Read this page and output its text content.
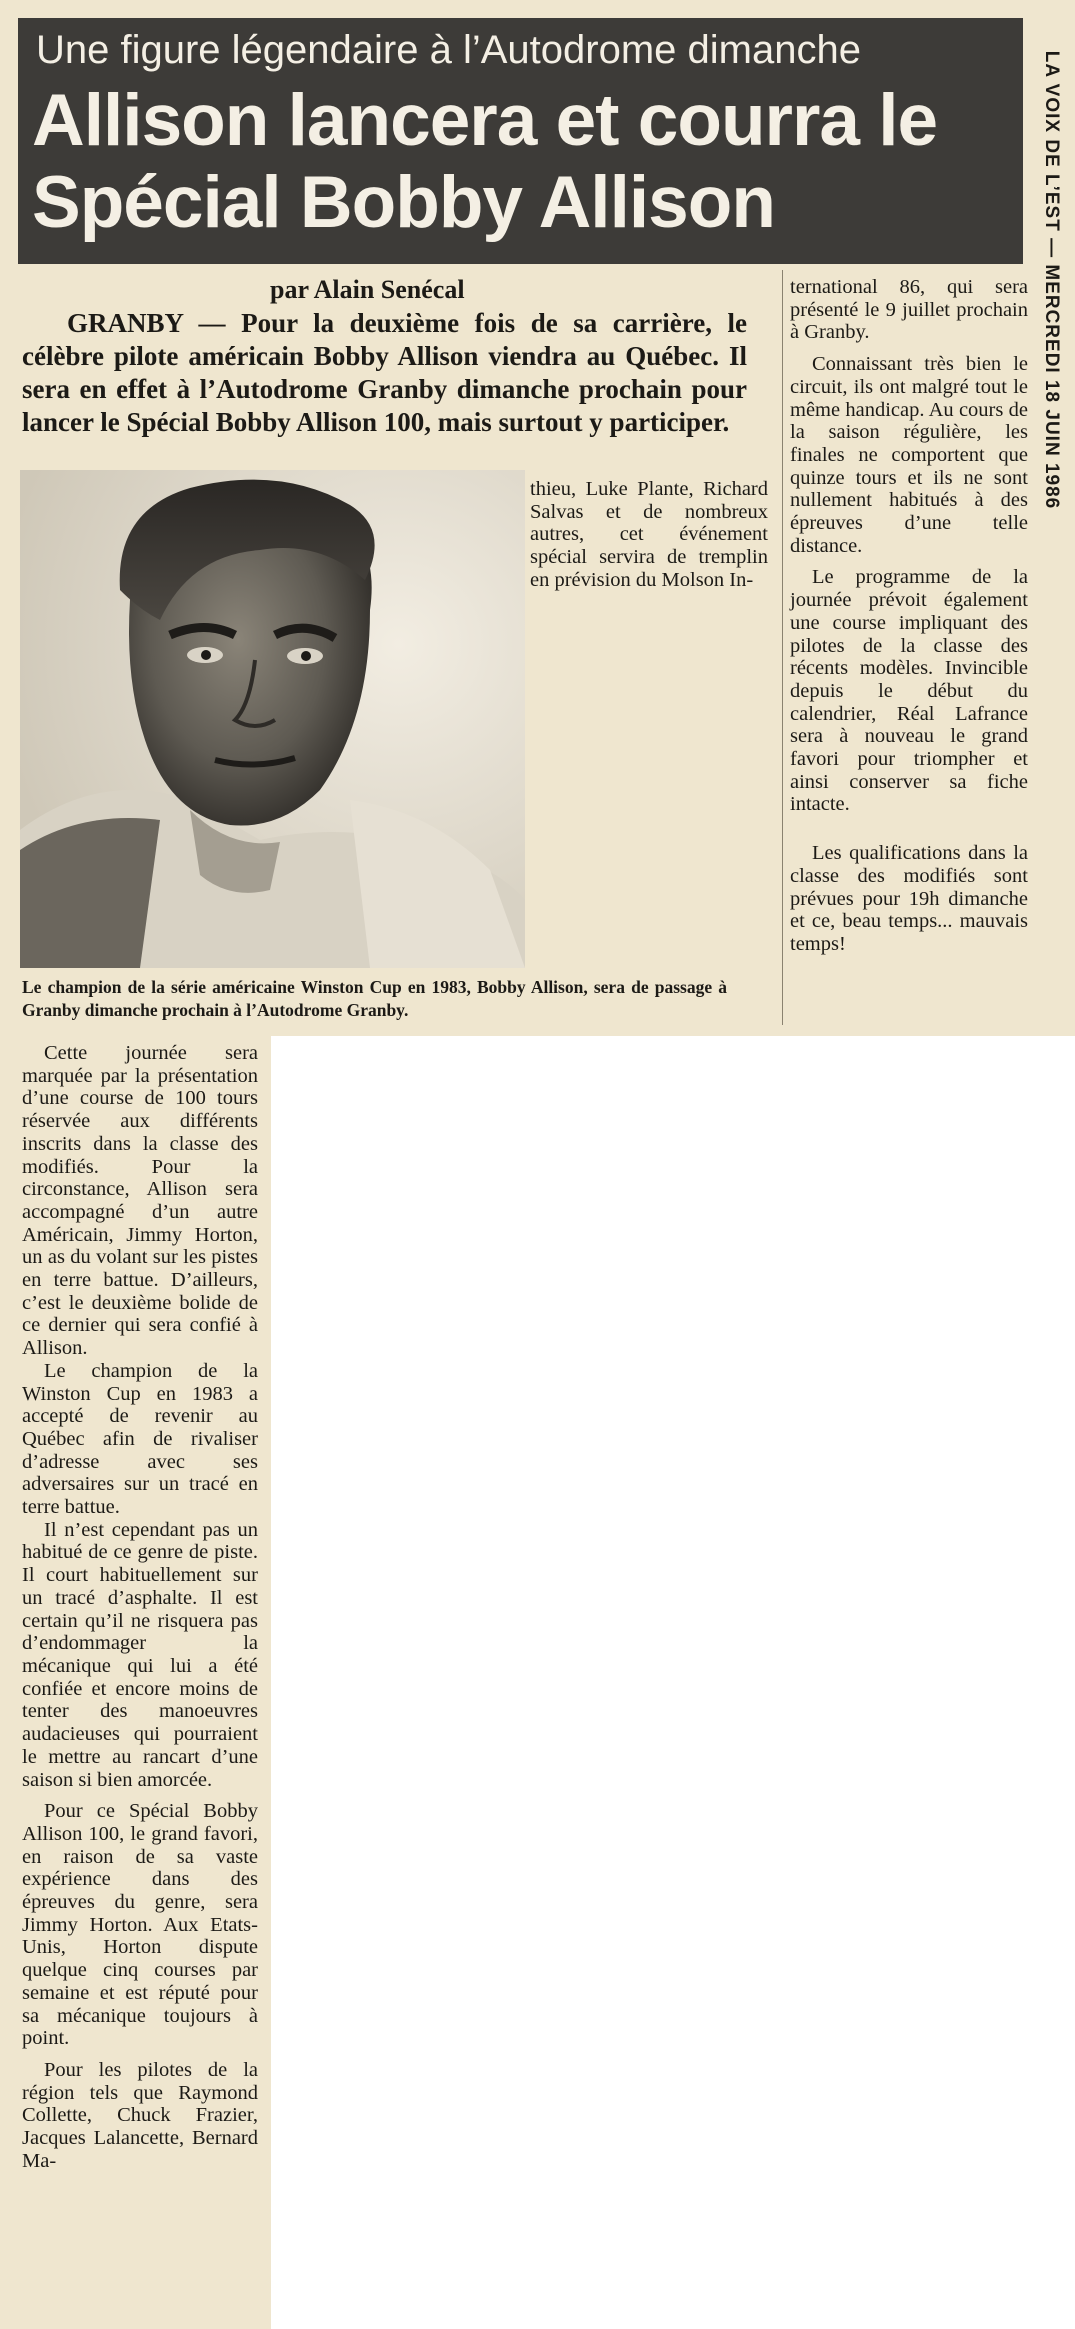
Une figure légendaire à l’Autodrome dimanche
Allison lancera et courra le Spécial Bobby Allison	LA VOIX DE L’EST — MERCREDI 18 JUIN 1986
par Alain Senécal

GRANBY — Pour la deuxième fois de sa carrière, le célèbre pilote américain Bobby Allison viendra au Québec. Il sera en effet à l’Autodrome Granby dimanche prochain pour lancer le Spécial Bobby Allison 100, mais surtout y participer.

ternational 86, qui sera présenté le 9 juillet prochain à Granby.

Connaissant très bien le circuit, ils ont malgré tout le même handicap. Au cours de la saison régulière, les finales ne comportent que quinze tours et ils ne sont nullement habitués à des épreuves d’une telle distance.

Le programme de la journée prévoit également une course impliquant des pilotes de la classe des récents modèles. Invincible depuis le début du calendrier, Réal Lafrance sera à nouveau le grand favori pour triompher et ainsi conserver sa fiche intacte.

Les qualifications dans la classe des modifiés sont prévues pour 19h dimanche et ce, beau temps... mauvais temps!

thieu, Luke Plante, Richard Salvas et de nombreux autres, cet événement spécial servira de tremplin en prévision du Molson In-

Le champion de la série américaine Winston Cup en 1983, Bobby Allison, sera de passage à Granby dimanche prochain à l’Autodrome Granby.

Cette journée sera marquée par la présentation d’une course de 100 tours réservée aux différents inscrits dans la classe des modifiés. Pour la circonstance, Allison sera accompagné d’un autre Américain, Jimmy Horton, un as du volant sur les pistes en terre battue. D’ailleurs, c’est le deuxième bolide de ce dernier qui sera confié à Allison.

Le champion de la Winston Cup en 1983 a accepté de revenir au Québec afin de rivaliser d’adresse avec ses adversaires sur un tracé en terre battue.

Il n’est cependant pas un habitué de ce genre de piste. Il court habituellement sur un tracé d’asphalte. Il est certain qu’il ne risquera pas d’endommager la mécanique qui lui a été confiée et encore moins de tenter des manoeuvres audacieuses qui pourraient le mettre au rancart d’une saison si bien amorcée.

Pour ce Spécial Bobby Allison 100, le grand favori, en raison de sa vaste expérience dans des épreuves du genre, sera Jimmy Horton. Aux Etats-Unis, Horton dispute quelque cinq courses par semaine et est réputé pour sa mécanique toujours à point.

Pour les pilotes de la région tels que Raymond Collette, Chuck Frazier, Jacques Lalancette, Bernard Ma-
